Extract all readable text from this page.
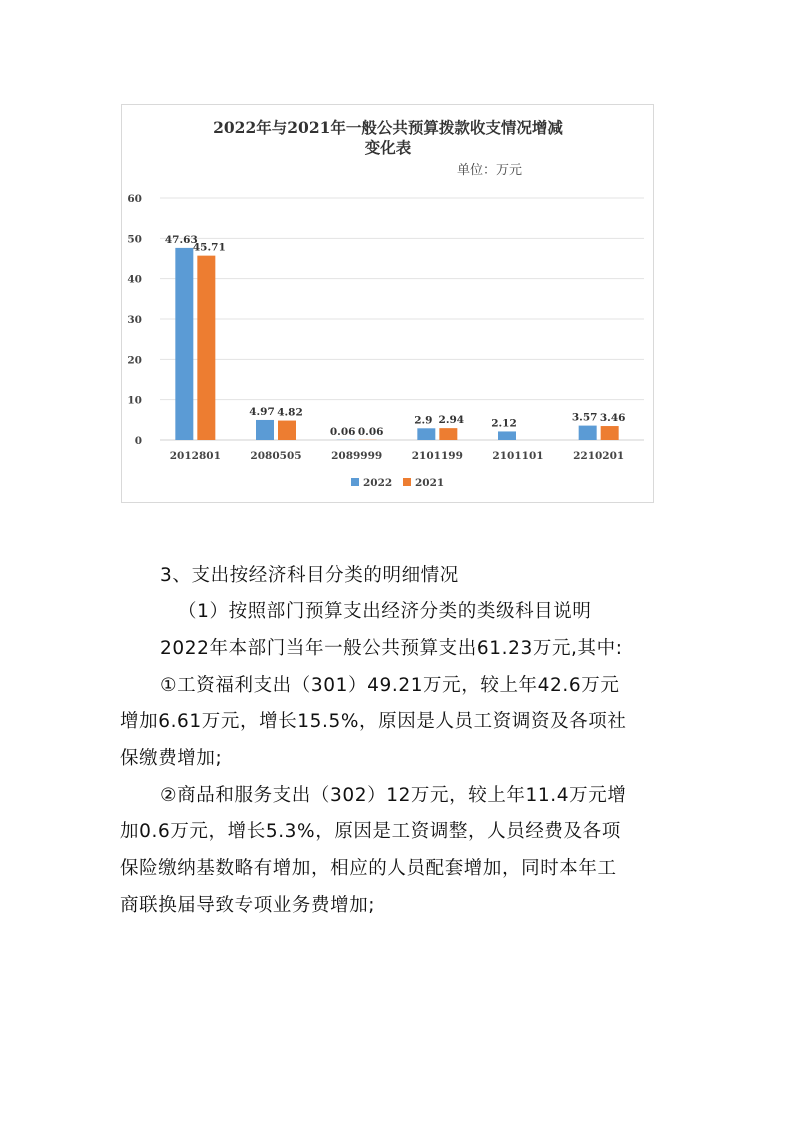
2022年与2021年一般公共预算拨款收支情况增减
变化表
单位：万元
0
10
20
30
40
50
60
47.63
45.71
4.97 4.82
0.06 0.06
2.9 2.94	2.12	3.57 3.46
2012801	2080505	2089999	2101199	2101101	2210201
2022 2021
3、支出按经济科目分类的明细情况
（1）按照部门预算支出经济分类的类级科目说明
2022年本部门当年一般公共预算支出61.23万元,其中:
①工资福利支出（301）49.21万元，较上年42.6万元
增加6.61万元，增长15.5%，原因是人员工资调资及各项社
保缴费增加;
②商品和服务支出（302）12万元，较上年11.4万元增
加0.6万元，增长5.3%，原因是工资调整，人员经费及各项
保险缴纳基数略有增加，相应的人员配套增加，同时本年工
商联换届导致专项业务费增加;
